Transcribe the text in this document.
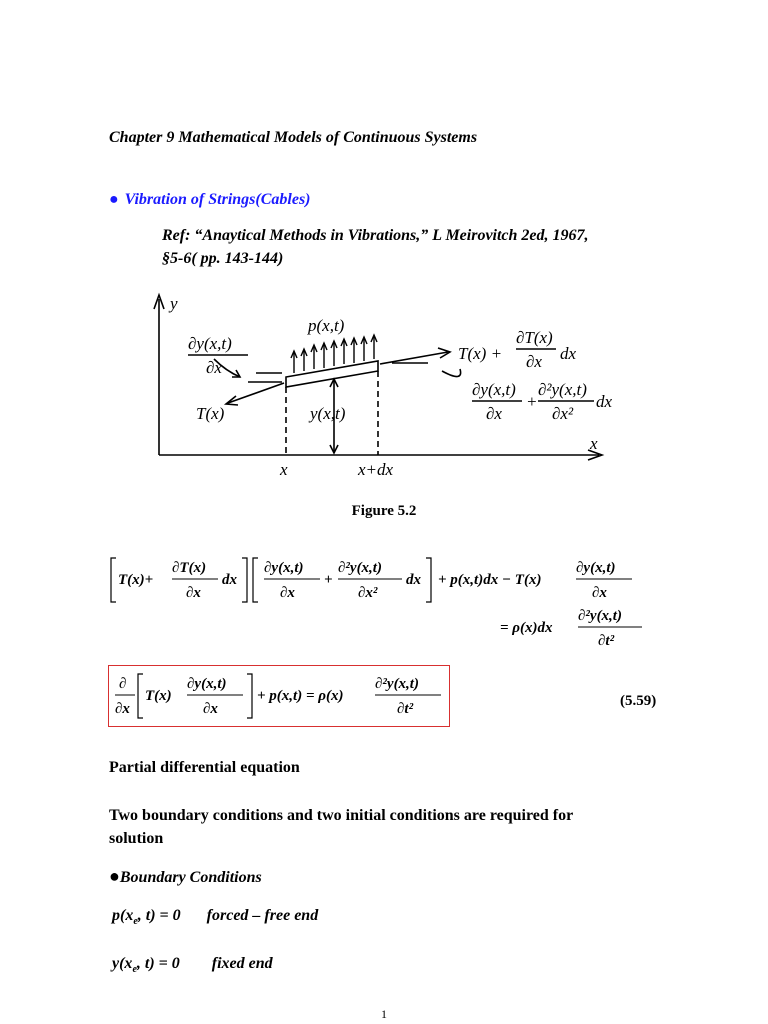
Chapter 9 Mathematical Models of Continuous Systems
● Vibration of Strings(Cables)
Ref: “Anaytical Methods in Vibrations,” L Meirovitch 2ed, 1967,
§5-6( pp. 143-144)
y
x
p(x,t)
∂y(x,t)
∂x
T(x)	y(x,t)
x	x+dx
T(x) +
∂T(x)
∂x dx
∂y(x,t)
∂x
+
∂²y(x,t)
∂x²
dx
Figure 5.2
T(x)+
∂T(x)
∂x
dx
∂y(x,t)
∂x
+
∂²y(x,t)
∂x²
dx + p(x,t)dx − T(x)
∂y(x,t)
∂x
= ρ(x)dx
∂²y(x,t)
∂t²
∂
∂x
T(x)
∂y(x,t)
∂x
+ p(x,t) = ρ(x)
∂²y(x,t)
∂t²	(5.59)
Partial differential equation
Two boundary conditions and two initial conditions are required for solution
●Boundary Conditions
$p(x_e$, t) = 0 forced – free end
$y(x_e$, t) = 0 fixed end
1
